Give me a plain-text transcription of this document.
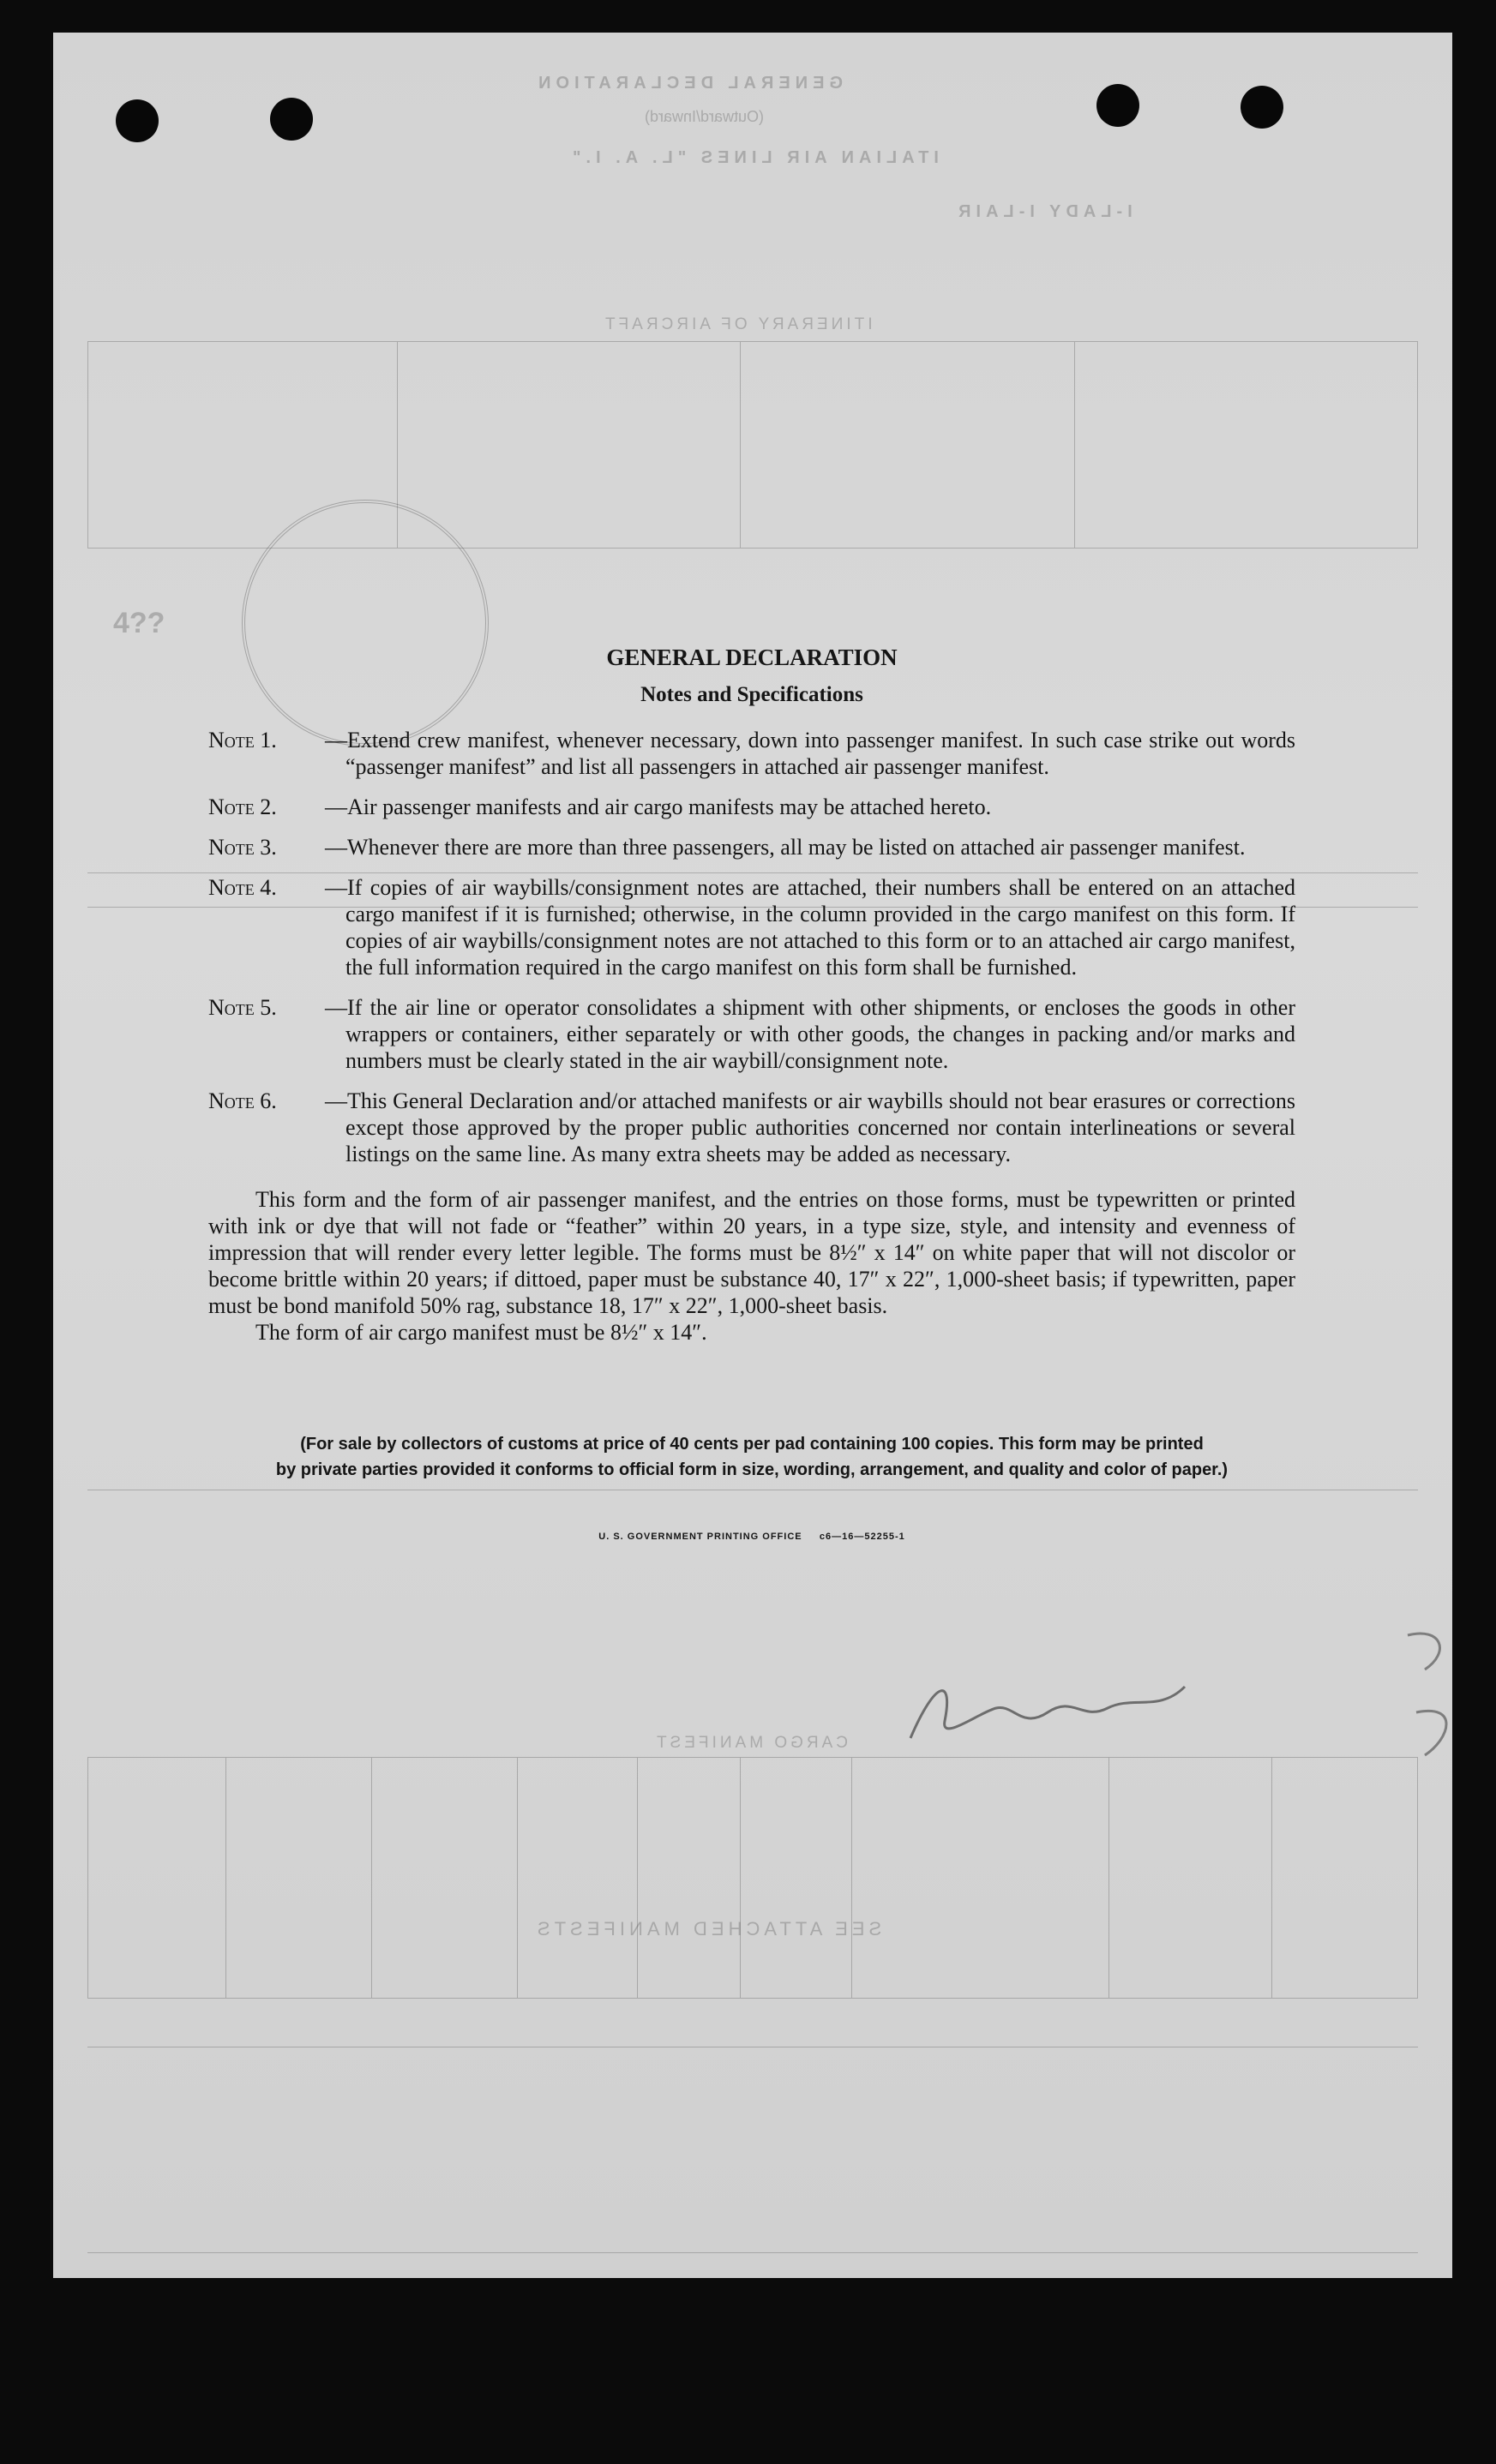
GENERAL DECLARATION
(Outward/Inward)
ITALIAN AIR LINES "L. A. I."
I-LADY I-LAIR
ITINERARY OF AIRCRAFT
4??
CARGO MANIFEST
SEE ATTACHED MANIFESTS
GENERAL DECLARATION
Notes and Specifications
Note 1. —Extend crew manifest, whenever necessary, down into passenger manifest. In such case strike out words “passenger manifest” and list all passengers in attached air passenger manifest.
Note 2. —Air passenger manifests and air cargo manifests may be attached hereto.
Note 3. —Whenever there are more than three passengers, all may be listed on attached air passenger manifest.
Note 4. —If copies of air waybills/consignment notes are attached, their numbers shall be entered on an attached cargo manifest if it is furnished; otherwise, in the column provided in the cargo manifest on this form. If copies of air waybills/consignment notes are not attached to this form or to an attached air cargo manifest, the full information required in the cargo manifest on this form shall be furnished.
Note 5. —If the air line or operator consolidates a shipment with other shipments, or encloses the goods in other wrappers or containers, either separately or with other goods, the changes in packing and/or marks and numbers must be clearly stated in the air waybill/consignment note.
Note 6. —This General Declaration and/or attached manifests or air waybills should not bear erasures or corrections except those approved by the proper public authorities concerned nor contain interlineations or several listings on the same line. As many extra sheets may be added as necessary.
This form and the form of air passenger manifest, and the entries on those forms, must be typewritten or printed with ink or dye that will not fade or “feather” within 20 years, in a type size, style, and intensity and evenness of impression that will render every letter legible. The forms must be 8½″ x 14″ on white paper that will not discolor or become brittle within 20 years; if dittoed, paper must be substance 40, 17″ x 22″, 1,000-sheet basis; if typewritten, paper must be bond manifold 50% rag, substance 18, 17″ x 22″, 1,000-sheet basis.
The form of air cargo manifest must be 8½″ x 14″.
(For sale by collectors of customs at price of 40 cents per pad containing 100 copies. This form may be printed
by private parties provided it conforms to official form in size, wording, arrangement, and quality and color of paper.)
U. S. GOVERNMENT PRINTING OFFICE     c6—16—52255-1
